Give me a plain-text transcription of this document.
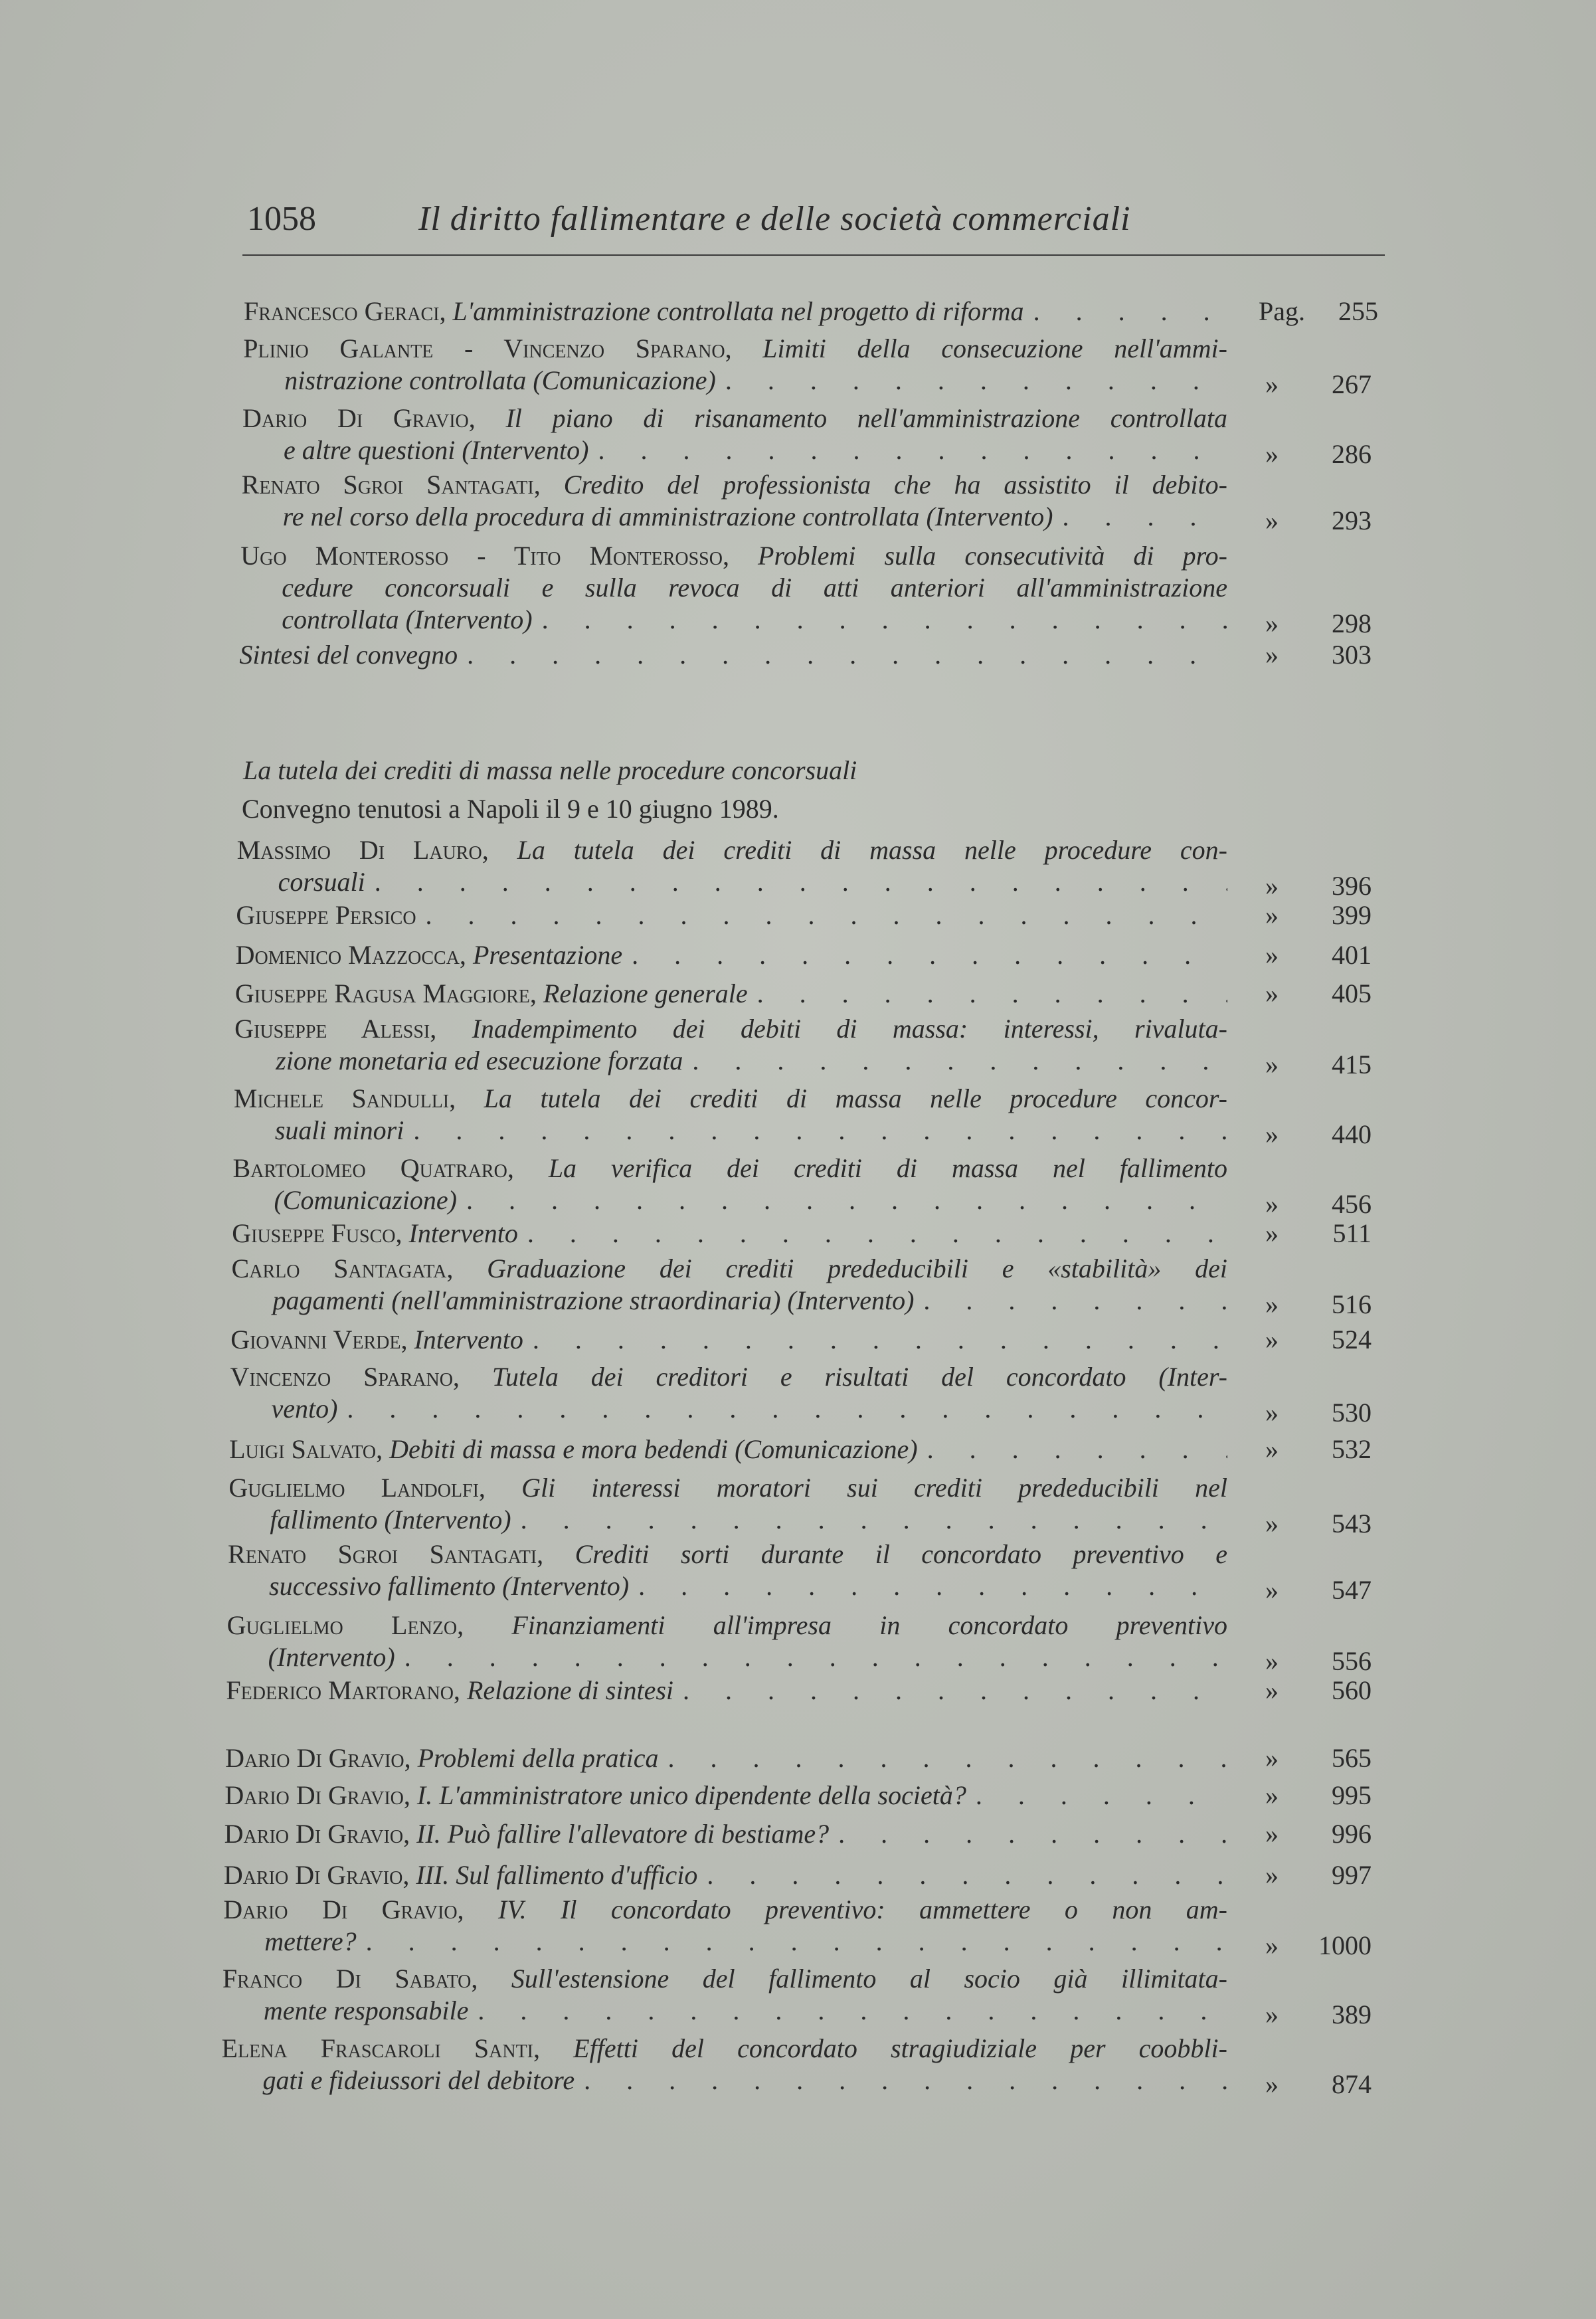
1058	Il diritto fallimentare e delle società commerciali
La tutela dei crediti di massa nelle procedure concorsuali
Convegno tenutosi a Napoli il 9 e 10 giugno 1989.
Francesco Geraci, L'amministrazione controllata nel progetto di riforma . . .	Pag. 255
Plinio Galante - Vincenzo Sparano, Limiti della consecuzione nell'ammi-
nistrazione controllata (Comunicazione) . . .	» 267
Dario Di Gravio, Il piano di risanamento nell'amministrazione controllata
e altre questioni (Intervento) . . .	» 286
Renato Sgroi Santagati, Credito del professionista che ha assistito il debito-
re nel corso della procedura di amministrazione controllata (Intervento) . . .	» 293
Ugo Monterosso - Tito Monterosso, Problemi sulla consecutività di pro-
cedure concorsuali e sulla revoca di atti anteriori all'amministrazione
controllata (Intervento) . . .	» 298
Sintesi del convegno . . .	» 303
Massimo Di Lauro, La tutela dei crediti di massa nelle procedure con-
corsuali . . .	» 396
Giuseppe Persico . . .	» 399
Domenico Mazzocca, Presentazione . . .	» 401
Giuseppe Ragusa Maggiore, Relazione generale . . .	» 405
Giuseppe Alessi, Inadempimento dei debiti di massa: interessi, rivaluta-
zione monetaria ed esecuzione forzata . . .	» 415
Michele Sandulli, La tutela dei crediti di massa nelle procedure concor-
suali minori . . .	» 440
Bartolomeo Quatraro, La verifica dei crediti di massa nel fallimento
(Comunicazione) . . .	» 456
Giuseppe Fusco, Intervento . . .	» 511
Carlo Santagata, Graduazione dei crediti prededucibili e «stabilità» dei
pagamenti (nell'amministrazione straordinaria) (Intervento) . . .	» 516
Giovanni Verde, Intervento . . .	» 524
Vincenzo Sparano, Tutela dei creditori e risultati del concordato (Inter-
vento) . . .	» 530
Luigi Salvato, Debiti di massa e mora bedendi (Comunicazione) . . .	» 532
Guglielmo Landolfi, Gli interessi moratori sui crediti prededucibili nel
fallimento (Intervento) . . .	» 543
Renato Sgroi Santagati, Crediti sorti durante il concordato preventivo e
successivo fallimento (Intervento) . . .	» 547
Guglielmo Lenzo, Finanziamenti all'impresa in concordato preventivo
(Intervento) . . .	» 556
Federico Martorano, Relazione di sintesi . . .	» 560
Dario Di Gravio, Problemi della pratica . . .	» 565
Dario Di Gravio, I. L'amministratore unico dipendente della società? . . .	» 995
Dario Di Gravio, II. Può fallire l'allevatore di bestiame? . . .	» 996
Dario Di Gravio, III. Sul fallimento d'ufficio . . .	» 997
Dario Di Gravio, IV. Il concordato preventivo: ammettere o non am-
mettere? . . .	» 1000
Franco Di Sabato, Sull'estensione del fallimento al socio già illimitata-
mente responsabile . . .	» 389
Elena Frascaroli Santi, Effetti del concordato stragiudiziale per coobbli-
gati e fideiussori del debitore . . .	» 874
